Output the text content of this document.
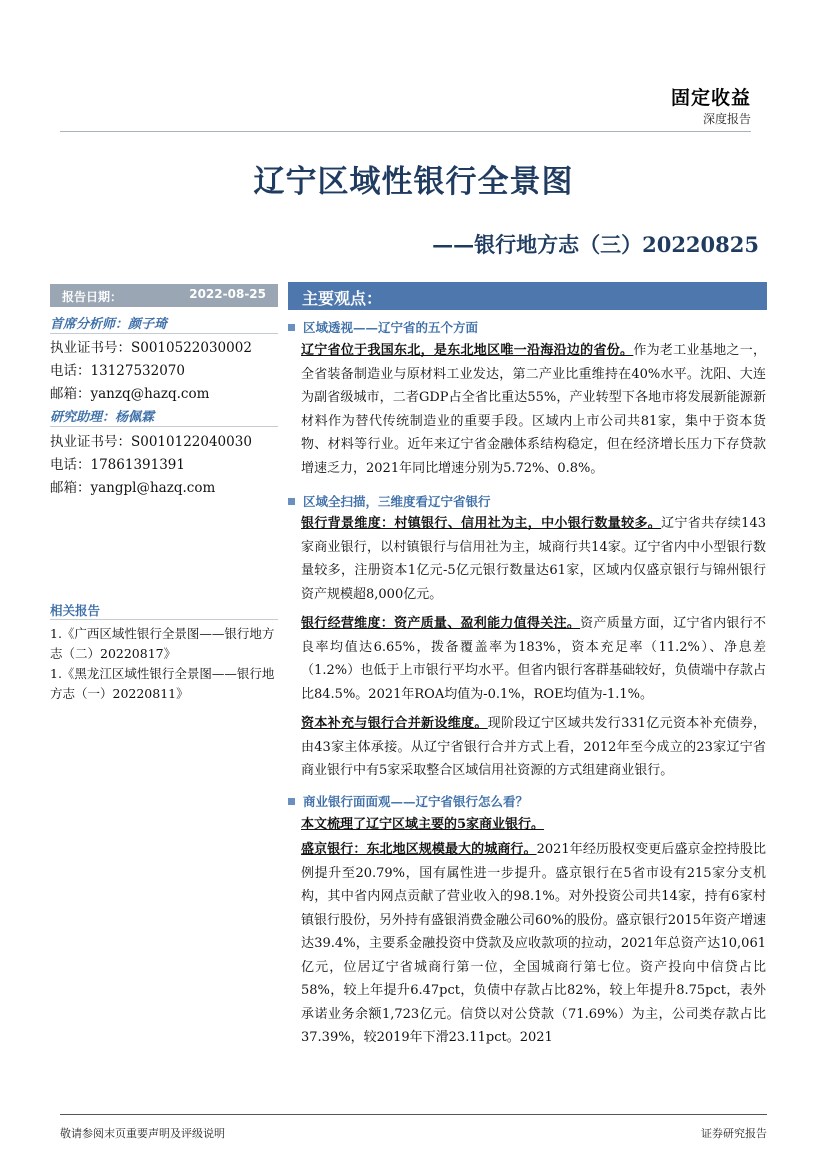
固定收益
深度报告
辽宁区域性银行全景图
——银行地方志（三）20220825
报告日期：	2022-08-25
首席分析师：颜子琦
执业证书号：S0010522030002
电话：13127532070
邮箱：yanzq@hazq.com
研究助理：杨佩霖
执业证书号：S0010122040030
电话：17861391391
邮箱：yangpl@hazq.com
相关报告
1.《广西区域性银行全景图——银行地方志（二）20220817》
1.《黑龙江区域性银行全景图——银行地方志（一）20220811》
主要观点：
区域透视——辽宁省的五个方面
辽宁省位于我国东北，是东北地区唯一沿海沿边的省份。作为老工业基地之一，全省装备制造业与原材料工业发达，第二产业比重维持在40%水平。沈阳、大连为副省级城市，二者GDP占全省比重达55%，产业转型下各地市将发展新能源新材料作为替代传统制造业的重要手段。区域内上市公司共81家，集中于资本货物、材料等行业。近年来辽宁省金融体系结构稳定，但在经济增长压力下存贷款增速乏力，2021年同比增速分别为5.72%、0.8%。
区域全扫描，三维度看辽宁省银行
银行背景维度：村镇银行、信用社为主，中小银行数量较多。辽宁省共存续143家商业银行，以村镇银行与信用社为主，城商行共14家。辽宁省内中小型银行数量较多，注册资本1亿元-5亿元银行数量达61家，区域内仅盛京银行与锦州银行资产规模超8,000亿元。
银行经营维度：资产质量、盈利能力值得关注。资产质量方面，辽宁省内银行不良率均值达6.65%，拨备覆盖率为183%，资本充足率（11.2%）、净息差（1.2%）也低于上市银行平均水平。但省内银行客群基础较好，负债端中存款占比84.5%。2021年ROA均值为-0.1%，ROE均值为-1.1%。
资本补充与银行合并新设维度。现阶段辽宁区域共发行331亿元资本补充债券，由43家主体承接。从辽宁省银行合并方式上看，2012年至今成立的23家辽宁省商业银行中有5家采取整合区域信用社资源的方式组建商业银行。
商业银行面面观——辽宁省银行怎么看？
本文梳理了辽宁区域主要的5家商业银行。
盛京银行：东北地区规模最大的城商行。2021年经历股权变更后盛京金控持股比例提升至20.79%，国有属性进一步提升。盛京银行在5省市设有215家分支机构，其中省内网点贡献了营业收入的98.1%。对外投资公司共14家，持有6家村镇银行股份，另外持有盛银消费金融公司60%的股份。盛京银行2015年资产增速达39.4%，主要系金融投资中贷款及应收款项的拉动，2021年总资产达10,061亿元，位居辽宁省城商行第一位，全国城商行第七位。资产投向中信贷占比58%，较上年提升6.47pct，负债中存款占比82%，较上年提升8.75pct，表外承诺业务余额1,723亿元。信贷以对公贷款（71.69%）为主，公司类存款占比37.39%，较2019年下滑23.11pct。2021
敬请参阅末页重要声明及评级说明	证券研究报告
